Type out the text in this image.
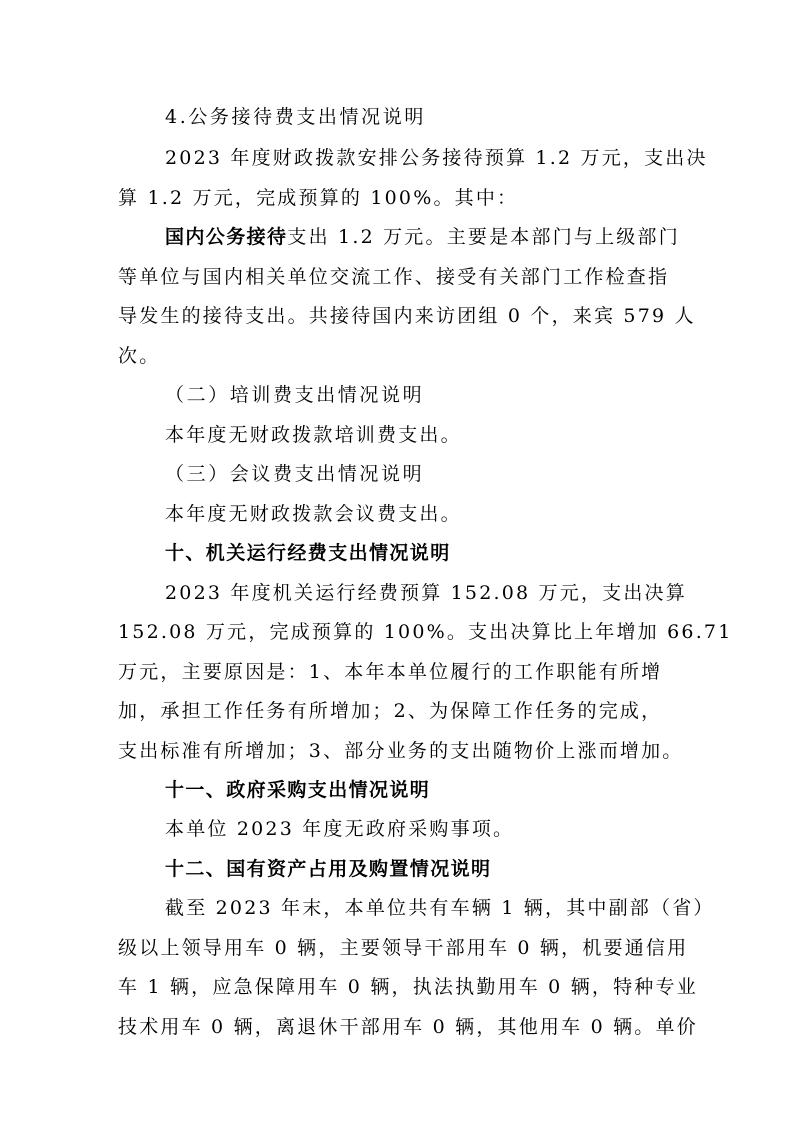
4.公务接待费支出情况说明
2023 年度财政拨款安排公务接待预算 1.2 万元，支出决
算 1.2 万元，完成预算的 100%。其中：
国内公务接待支出 1.2 万元。主要是本部门与上级部门
等单位与国内相关单位交流工作、接受有关部门工作检查指
导发生的接待支出。共接待国内来访团组 0 个，来宾 579 人
次。
（二）培训费支出情况说明
本年度无财政拨款培训费支出。
（三）会议费支出情况说明
本年度无财政拨款会议费支出。
十、机关运行经费支出情况说明
2023 年度机关运行经费预算 152.08 万元，支出决算
152.08 万元，完成预算的 100%。支出决算比上年增加 66.71
万元，主要原因是：1、本年本单位履行的工作职能有所增
加，承担工作任务有所增加；2、为保障工作任务的完成，
支出标准有所增加；3、部分业务的支出随物价上涨而增加。
十一、政府采购支出情况说明
本单位 2023 年度无政府采购事项。
十二、国有资产占用及购置情况说明
截至 2023 年末，本单位共有车辆 1 辆，其中副部（省）
级以上领导用车 0 辆，主要领导干部用车 0 辆，机要通信用
车 1 辆，应急保障用车 0 辆，执法执勤用车 0 辆，特种专业
技术用车 0 辆，离退休干部用车 0 辆，其他用车 0 辆。单价
